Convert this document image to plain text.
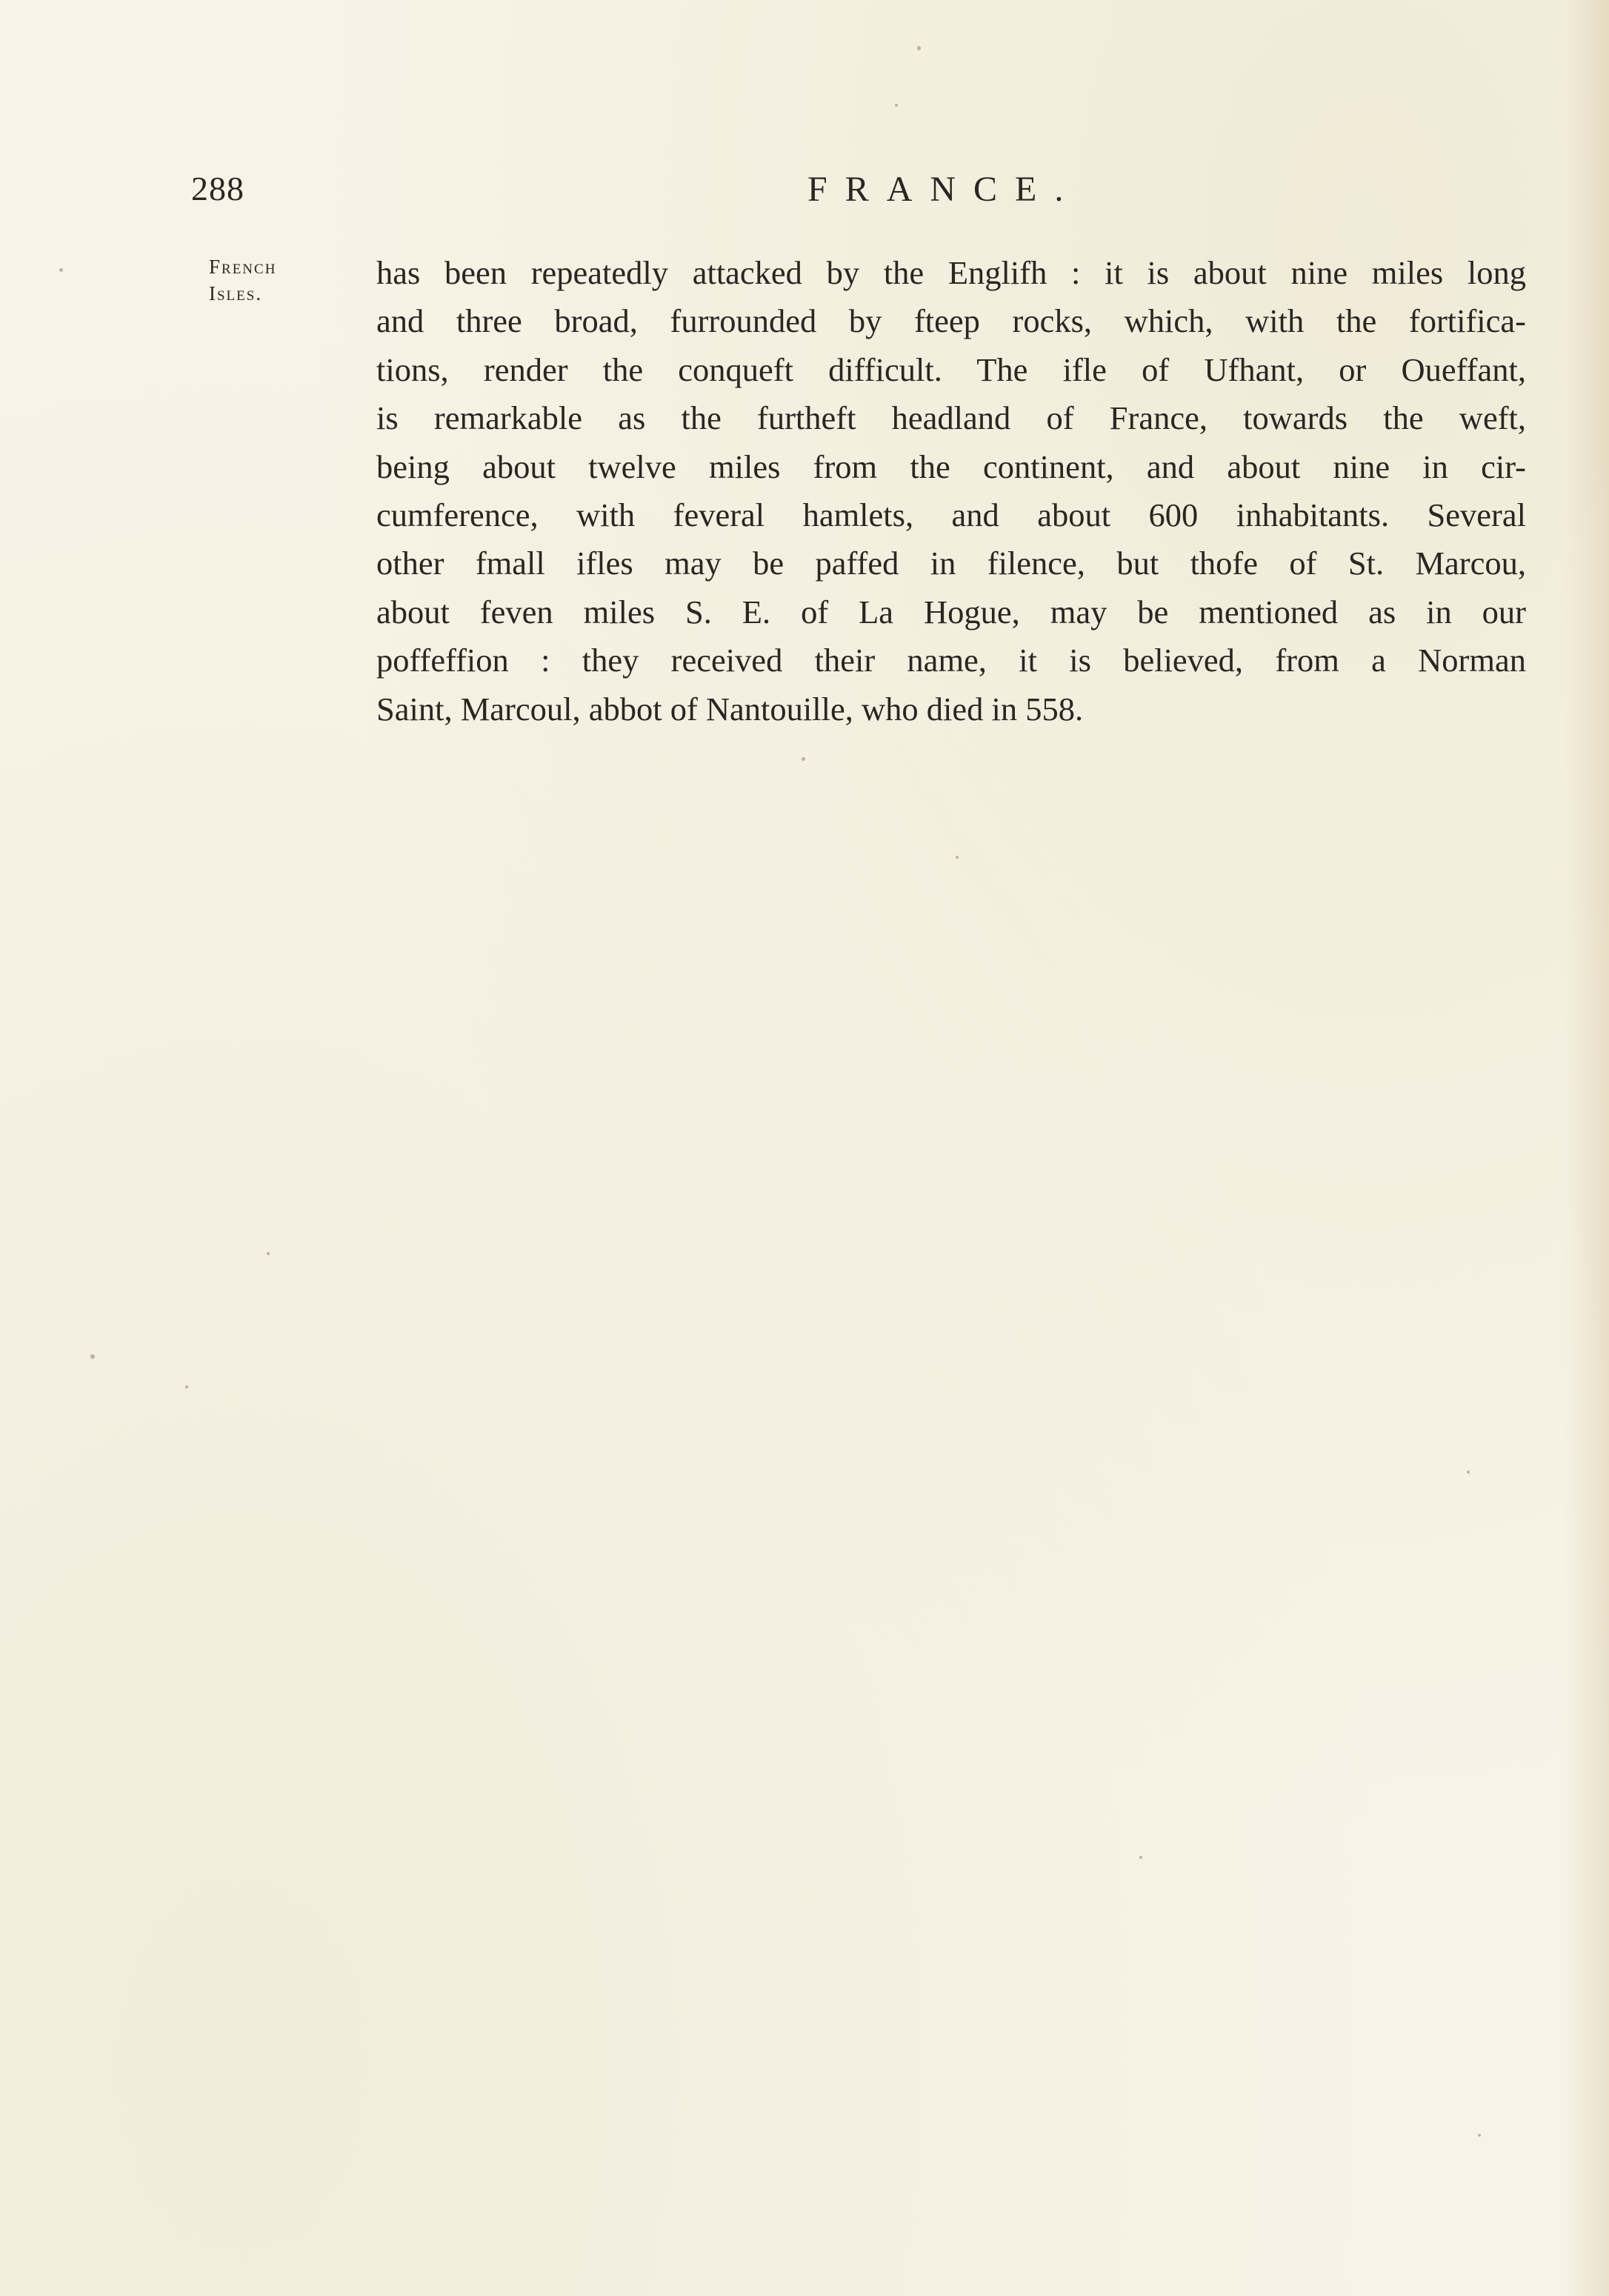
288	FRANCE.
French
Isles.
has been repeatedly attacked by the Englifh : it is about nine miles long
and three broad, furrounded by fteep rocks, which, with the fortifica-
tions, render the conqueft difficult. The ifle of Ufhant, or Oueffant,
is remarkable as the furtheft headland of France, towards the weft,
being about twelve miles from the continent, and about nine in cir-
cumference, with feveral hamlets, and about 600 inhabitants. Several
other fmall ifles may be paffed in filence, but thofe of St. Marcou,
about feven miles S. E. of La Hogue, may be mentioned as in our
poffeffion : they received their name, it is believed, from a Norman
Saint, Marcoul, abbot of Nantouille, who died in 558.
